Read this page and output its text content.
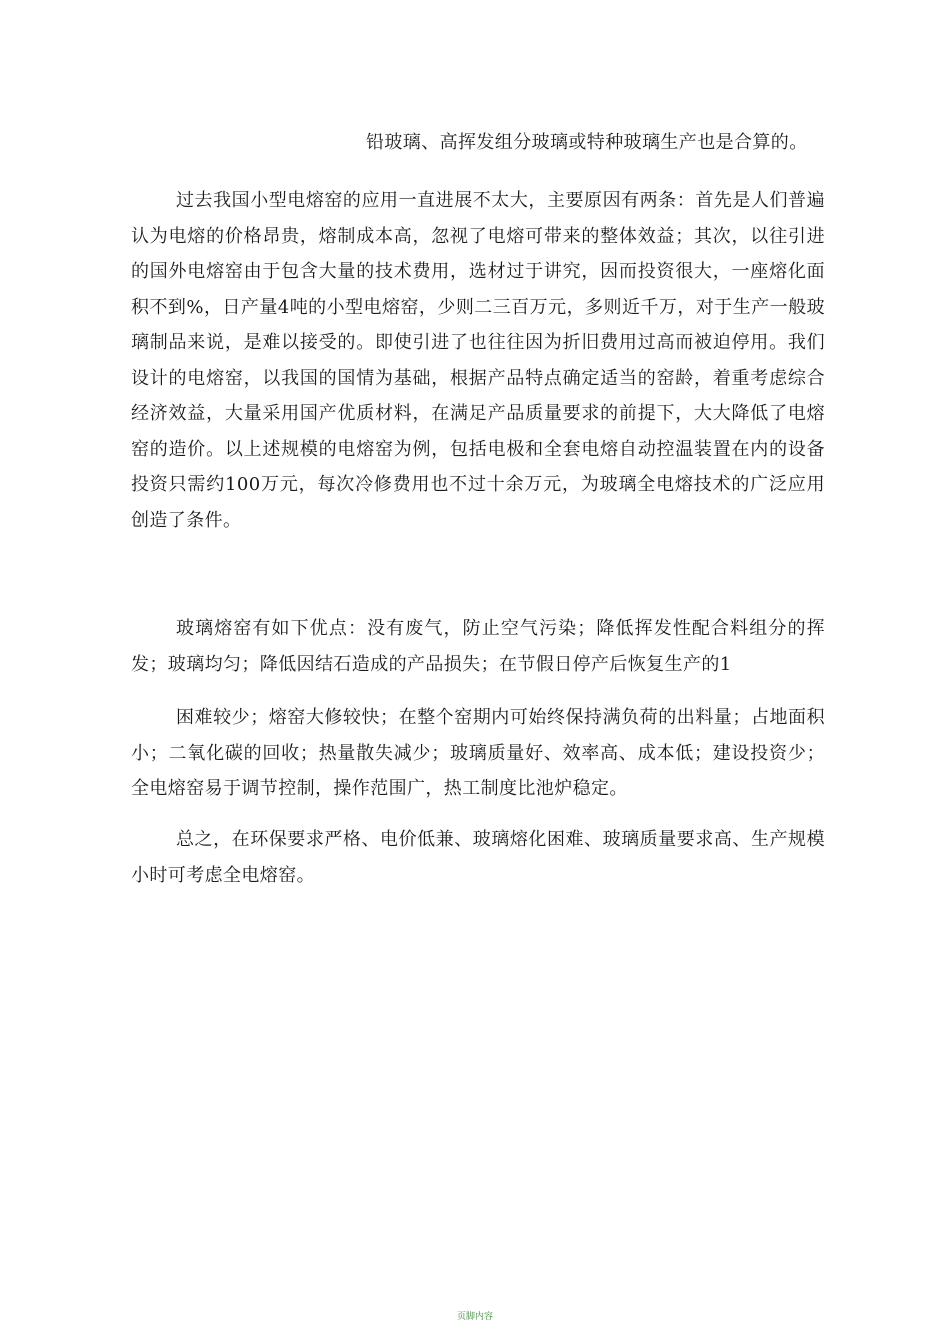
铅玻璃、高挥发组分玻璃或特种玻璃生产也是合算的。

过去我国小型电熔窑的应用一直进展不太大，主要原因有两条：首先是人们普遍认为电熔的价格昂贵，熔制成本高，忽视了电熔可带来的整体效益；其次，以往引进的国外电熔窑由于包含大量的技术费用，选材过于讲究，因而投资很大，一座熔化面积不到%，日产量4吨的小型电熔窑，少则二三百万元，多则近千万，对于生产一般玻璃制品来说，是难以接受的。即使引进了也往往因为折旧费用过高而被迫停用。我们设计的电熔窑，以我国的国情为基础，根据产品特点确定适当的窑龄，着重考虑综合经济效益，大量采用国产优质材料，在满足产品质量要求的前提下，大大降低了电熔窑的造价。以上述规模的电熔窑为例，包括电极和全套电熔自动控温装置在内的设备投资只需约100万元，每次冷修费用也不过十余万元，为玻璃全电熔技术的广泛应用创造了条件。

玻璃熔窑有如下优点：没有废气，防止空气污染；降低挥发性配合料组分的挥发；玻璃均匀；降低因结石造成的产品损失；在节假日停产后恢复生产的1

困难较少；熔窑大修较快；在整个窑期内可始终保持满负荷的出料量；占地面积小；二氧化碳的回收；热量散失减少；玻璃质量好、效率高、成本低；建设投资少；全电熔窑易于调节控制，操作范围广，热工制度比池炉稳定。

总之，在环保要求严格、电价低兼、玻璃熔化困难、玻璃质量要求高、生产规模小时可考虑全电熔窑。

页脚内容
